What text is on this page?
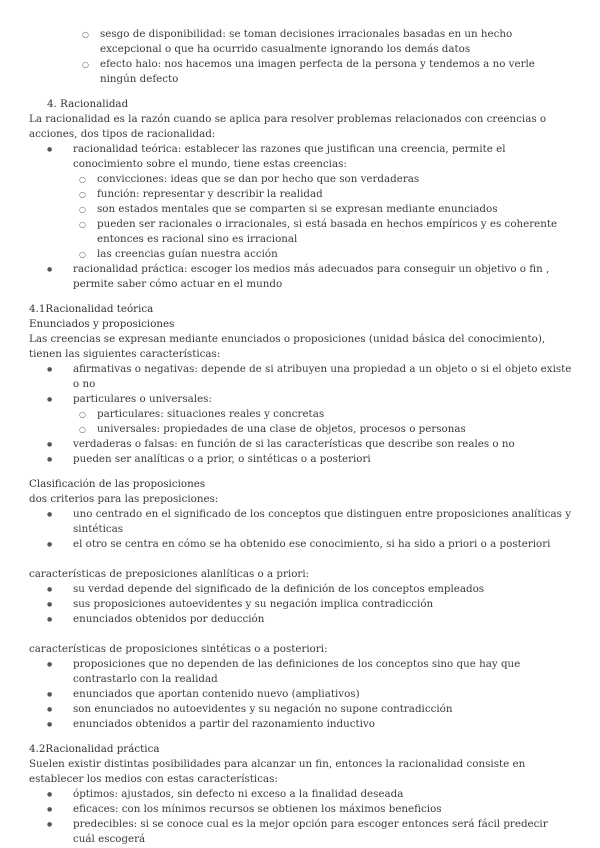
○ sesgo de disponibilidad: se toman decisiones irracionales basadas en un hecho excepcional o que ha ocurrido casualmente ignorando los demás datos
○ efecto halo: nos hacemos una imagen perfecta de la persona y tendemos a no verle ningún defecto

4. Racionalidad

La racionalidad es la razón cuando se aplica para resolver problemas relacionados con creencias o acciones, dos tipos de racionalidad:

● racionalidad teórica: establecer las razones que justifican una creencia, permite el conocimiento sobre el mundo, tiene estas creencias:
○ convicciones: ideas que se dan por hecho que son verdaderas
○ función: representar y describir la realidad
○ son estados mentales que se comparten si se expresan mediante enunciados
○ pueden ser racionales o irracionales, si está basada en hechos empíricos y es coherente entonces es racional sino es irracional
○ las creencias guían nuestra acción
● racionalidad práctica: escoger los medios más adecuados para conseguir un objetivo o fin , permite saber cómo actuar en el mundo

4.1Racionalidad teórica

Enunciados y proposiciones

Las creencias se expresan mediante enunciados o proposiciones (unidad básica del conocimiento), tienen las siguientes características:

● afirmativas o negativas: depende de si atribuyen una propiedad a un objeto o si el objeto existe o no
● particulares o universales:
○ particulares: situaciones reales y concretas
○ universales: propiedades de una clase de objetos, procesos o personas
● verdaderas o falsas: en función de si las características que describe son reales o no
● pueden ser analíticas o a prior, o sintéticas o a posteriori

Clasificación de las proposiciones

dos criterios para las preposiciones:

● uno centrado en el significado de los conceptos que distinguen entre proposiciones analíticas y sintéticas
● el otro se centra en cómo se ha obtenido ese conocimiento, si ha sido a priori o a posteriori

características de preposiciones alanlíticas o a priori:

● su verdad depende del significado de la definición de los conceptos empleados
● sus proposiciones autoevidentes y su negación implica contradicción
● enunciados obtenidos por deducción

características de proposiciones sintéticas o a posteriori:

● proposiciones que no dependen de las definiciones de los conceptos sino que hay que contrastarlo con la realidad
● enunciados que aportan contenido nuevo (ampliativos)
● son enunciados no autoevidentes y su negación no supone contradicción
● enunciados obtenidos a partir del razonamiento inductivo

4.2Racionalidad práctica

Suelen existir distintas posibilidades para alcanzar un fin, entonces la racionalidad consiste en establecer los medios con estas características:

● óptimos: ajustados, sin defecto ni exceso a la finalidad deseada
● eficaces: con los mínimos recursos se obtienen los máximos beneficios
● predecibles: si se conoce cual es la mejor opción para escoger entonces será fácil predecir cuál escogerá
